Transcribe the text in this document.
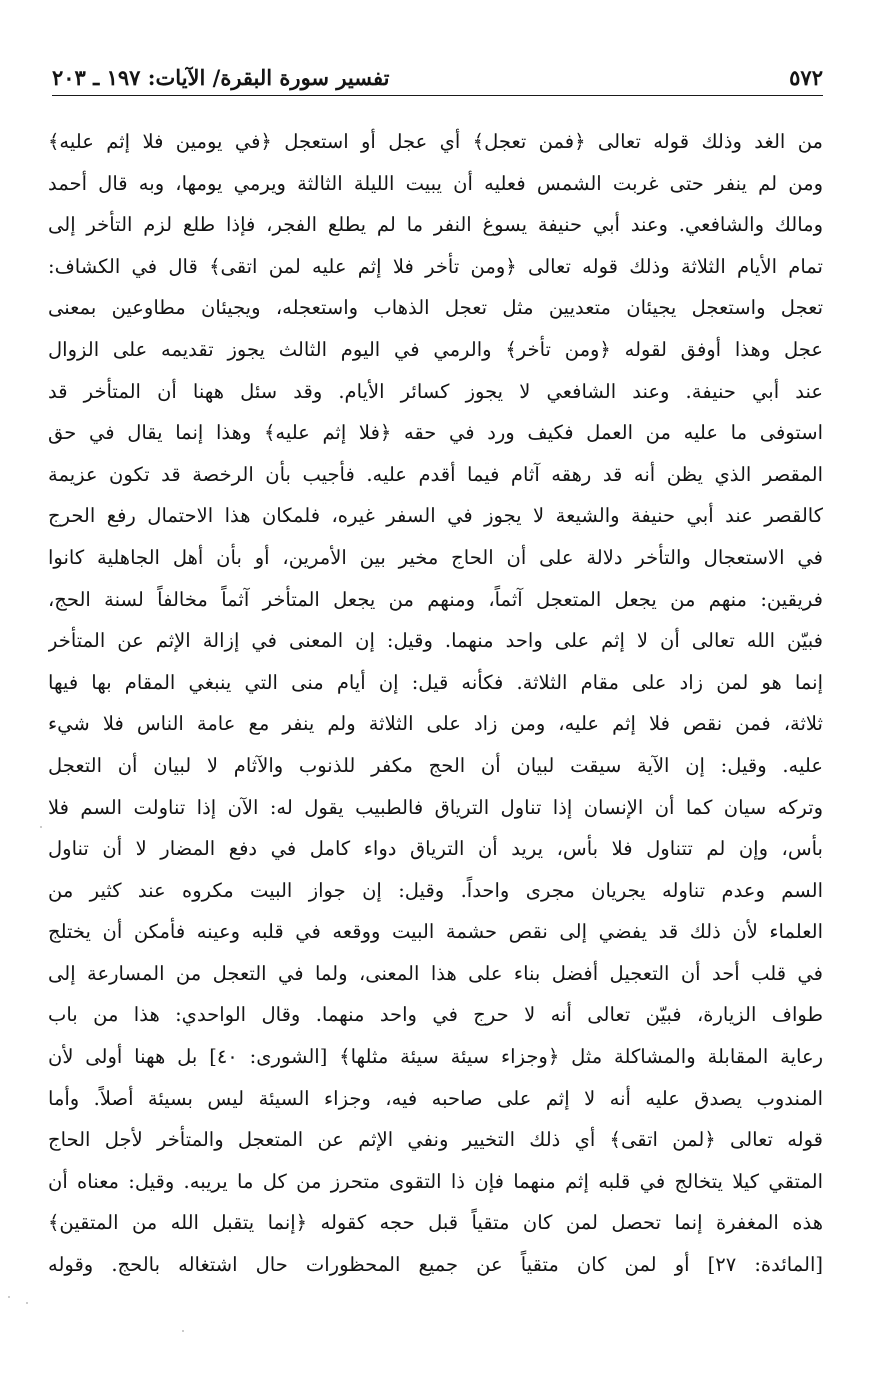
٥٧٢
تفسير سورة البقرة/ الآيات: ١٩٧ ـ ٢٠٣
من الغد وذلك قوله تعالى ﴿فمن تعجل﴾ أي عجل أو استعجل ﴿في يومين فلا إثم عليه﴾
ومن لم ينفر حتى غربت الشمس فعليه أن يبيت الليلة الثالثة ويرمي يومها، وبه قال أحمد
ومالك والشافعي. وعند أبي حنيفة يسوغ النفر ما لم يطلع الفجر، فإذا طلع لزم التأخر إلى
تمام الأيام الثلاثة وذلك قوله تعالى ﴿ومن تأخر فلا إثم عليه لمن اتقى﴾ قال في الكشاف:
تعجل واستعجل يجيئان متعديين مثل تعجل الذهاب واستعجله، ويجيئان مطاوعين بمعنى
عجل وهذا أوفق لقوله ﴿ومن تأخر﴾ والرمي في اليوم الثالث يجوز تقديمه على الزوال
عند أبي حنيفة. وعند الشافعي لا يجوز كسائر الأيام. وقد سئل ههنا أن المتأخر قد
استوفى ما عليه من العمل فكيف ورد في حقه ﴿فلا إثم عليه﴾ وهذا إنما يقال في حق
المقصر الذي يظن أنه قد رهقه آثام فيما أقدم عليه. فأجيب بأن الرخصة قد تكون عزيمة
كالقصر عند أبي حنيفة والشيعة لا يجوز في السفر غيره، فلمكان هذا الاحتمال رفع الحرج
في الاستعجال والتأخر دلالة على أن الحاج مخير بين الأمرين، أو بأن أهل الجاهلية كانوا
فريقين: منهم من يجعل المتعجل آثماً، ومنهم من يجعل المتأخر آثماً مخالفاً لسنة الحج،
فبيّن الله تعالى أن لا إثم على واحد منهما. وقيل: إن المعنى في إزالة الإثم عن المتأخر
إنما هو لمن زاد على مقام الثلاثة. فكأنه قيل: إن أيام منى التي ينبغي المقام بها فيها
ثلاثة، فمن نقص فلا إثم عليه، ومن زاد على الثلاثة ولم ينفر مع عامة الناس فلا شيء
عليه. وقيل: إن الآية سيقت لبيان أن الحج مكفر للذنوب والآثام لا لبيان أن التعجل
وتركه سيان كما أن الإنسان إذا تناول الترياق فالطبيب يقول له: الآن إذا تناولت السم فلا
بأس، وإن لم تتناول فلا بأس، يريد أن الترياق دواء كامل في دفع المضار لا أن تناول
السم وعدم تناوله يجريان مجرى واحداً. وقيل: إن جواز البيت مكروه عند كثير من
العلماء لأن ذلك قد يفضي إلى نقص حشمة البيت ووقعه في قلبه وعينه فأمكن أن يختلج
في قلب أحد أن التعجيل أفضل بناء على هذا المعنى، ولما في التعجل من المسارعة إلى
طواف الزيارة، فبيّن تعالى أنه لا حرج في واحد منهما. وقال الواحدي: هذا من باب
رعاية المقابلة والمشاكلة مثل ﴿وجزاء سيئة سيئة مثلها﴾ [الشورى: ٤٠] بل ههنا أولى لأن
المندوب يصدق عليه أنه لا إثم على صاحبه فيه، وجزاء السيئة ليس بسيئة أصلاً. وأما
قوله تعالى ﴿لمن اتقى﴾ أي ذلك التخيير ونفي الإثم عن المتعجل والمتأخر لأجل الحاج
المتقي كيلا يتخالج في قلبه إثم منهما فإن ذا التقوى متحرز من كل ما يريبه. وقيل: معناه أن
هذه المغفرة إنما تحصل لمن كان متقياً قبل حجه كقوله ﴿إنما يتقبل الله من المتقين﴾
[المائدة: ٢٧] أو لمن كان متقياً عن جميع المحظورات حال اشتغاله بالحج. وقوله
